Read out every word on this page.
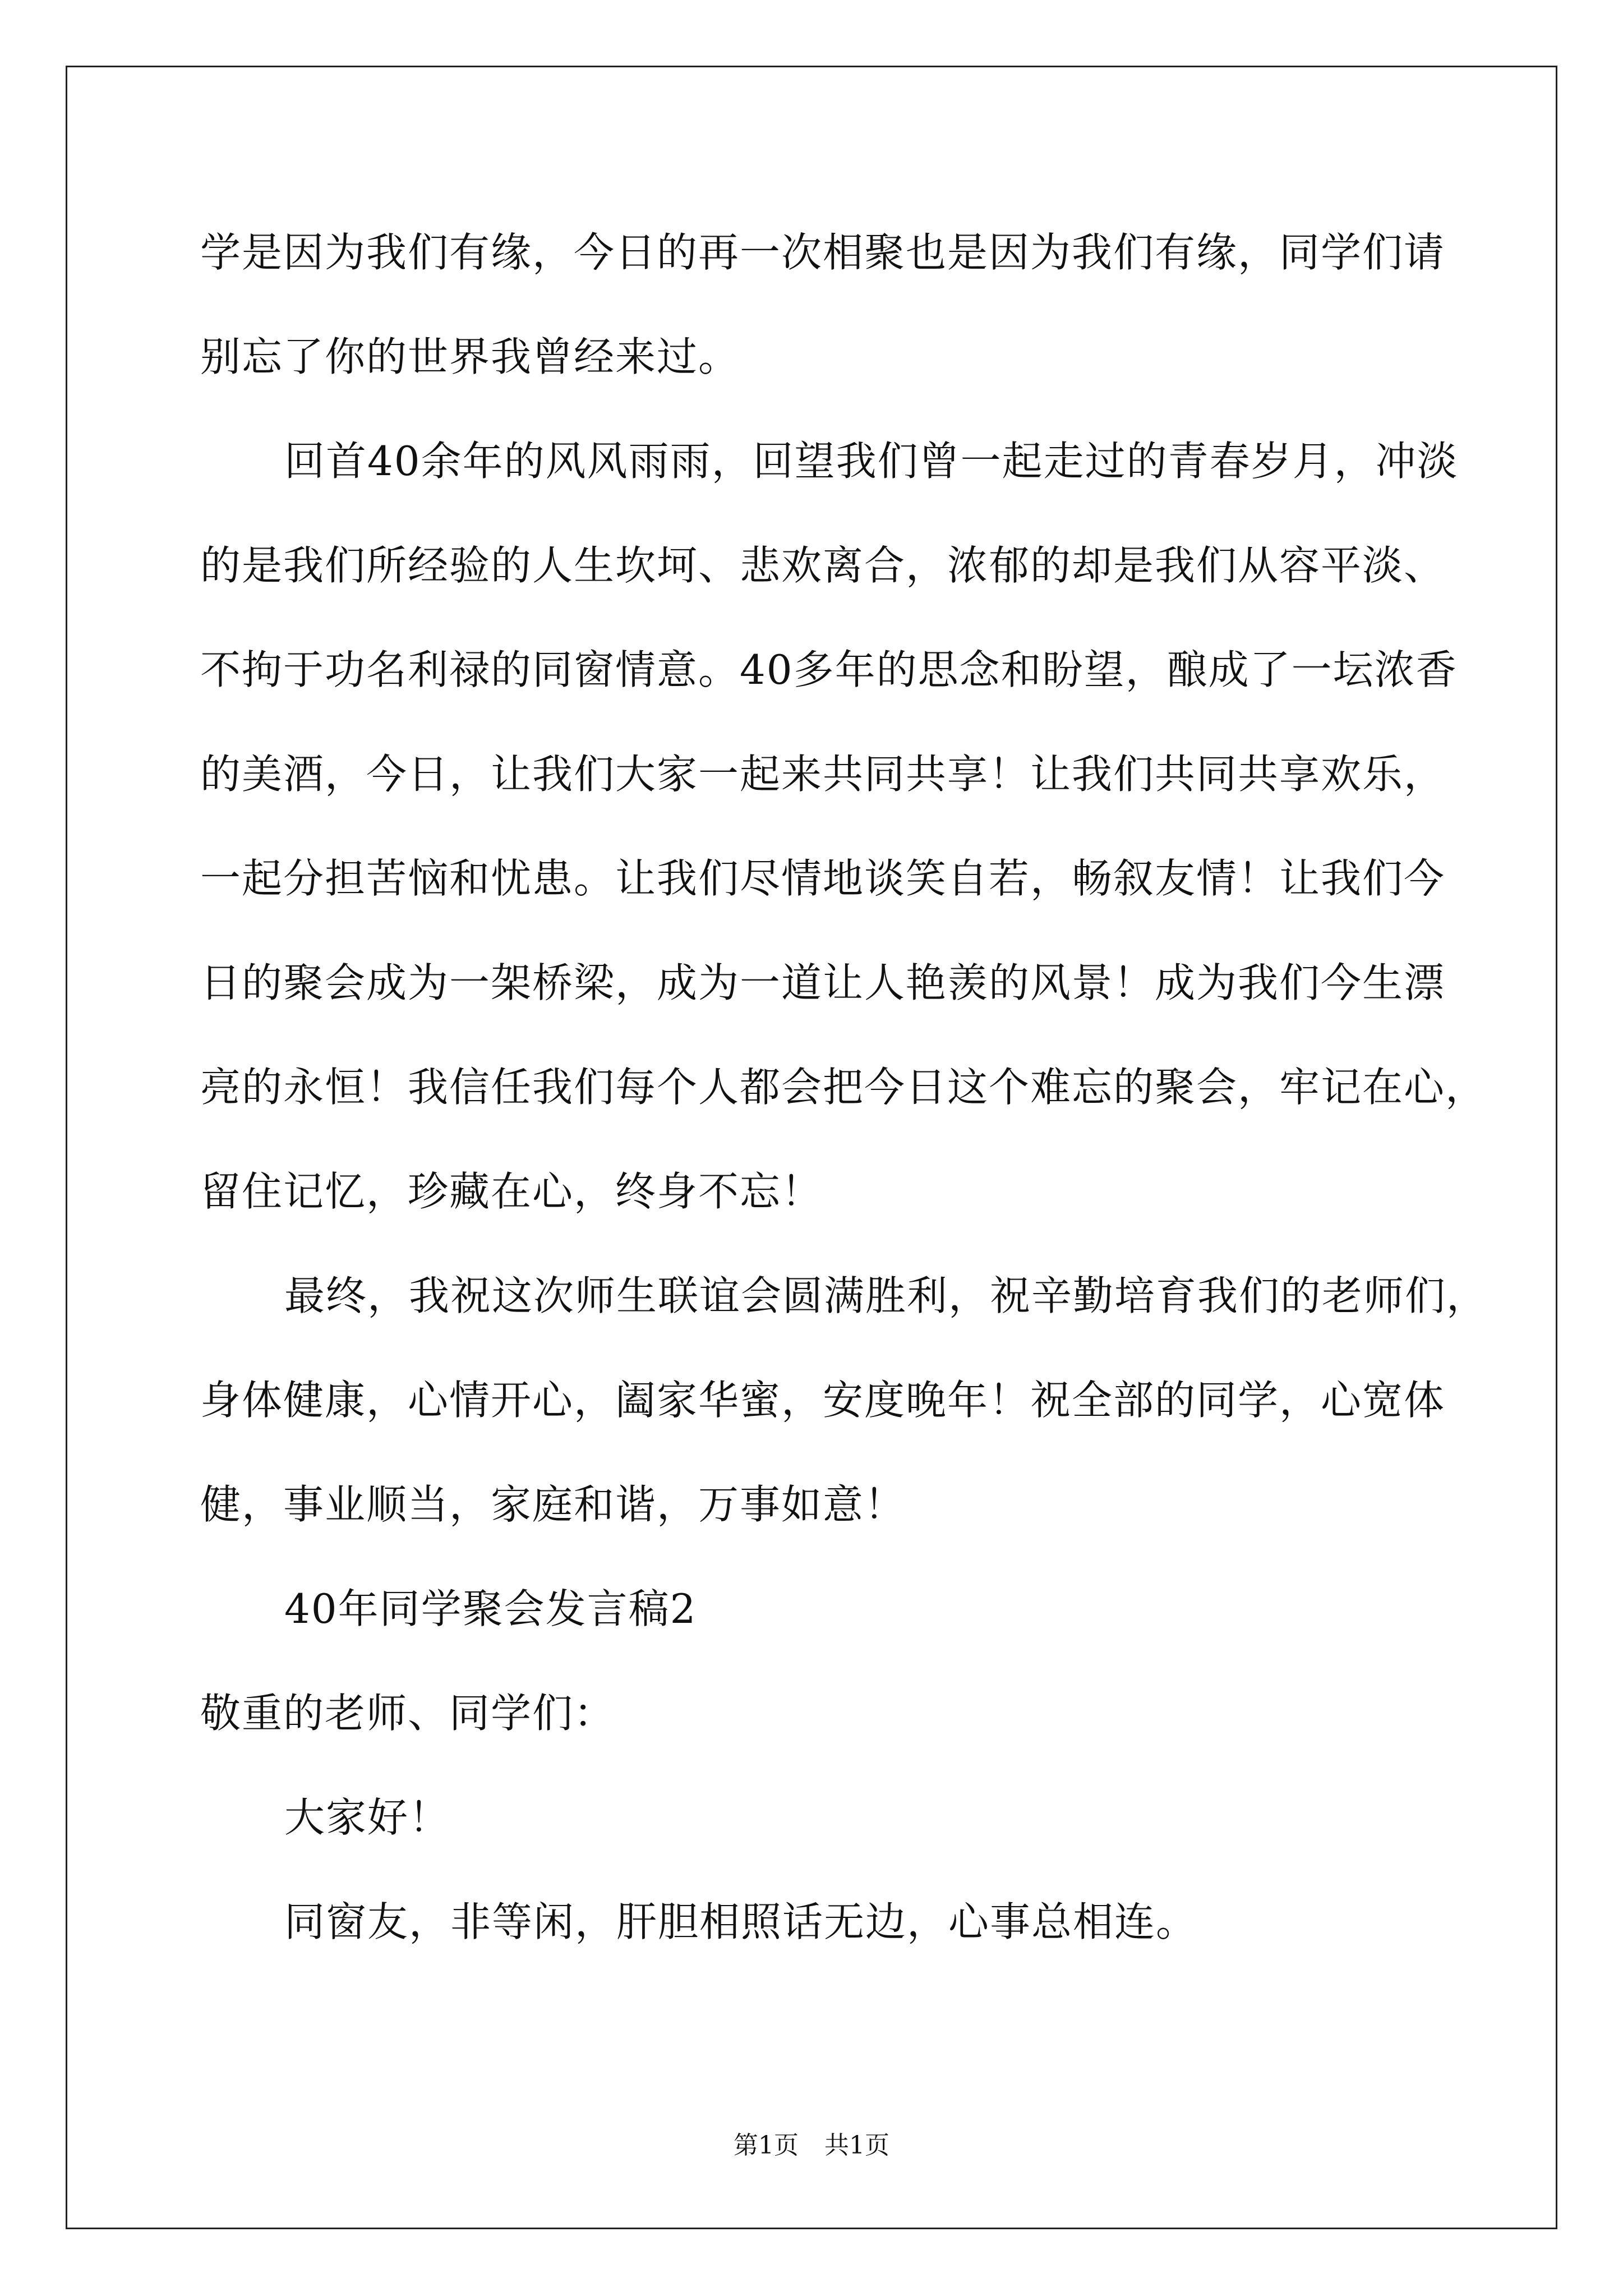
学是因为我们有缘，今日的再一次相聚也是因为我们有缘，同学们请
别忘了你的世界我曾经来过。
回首40余年的风风雨雨，回望我们曾一起走过的青春岁月，冲淡
的是我们所经验的人生坎坷、悲欢离合，浓郁的却是我们从容平淡、
不拘于功名利禄的同窗情意。40多年的思念和盼望，酿成了一坛浓香
的美酒，今日，让我们大家一起来共同共享！让我们共同共享欢乐，
一起分担苦恼和忧患。让我们尽情地谈笑自若，畅叙友情！让我们今
日的聚会成为一架桥梁，成为一道让人艳羡的风景！成为我们今生漂
亮的永恒！我信任我们每个人都会把今日这个难忘的聚会，牢记在心，
留住记忆，珍藏在心，终身不忘！
最终，我祝这次师生联谊会圆满胜利，祝辛勤培育我们的老师们，
身体健康，心情开心，阖家华蜜，安度晚年！祝全部的同学，心宽体
健，事业顺当，家庭和谐，万事如意！
40年同学聚会发言稿2
敬重的老师、同学们：
大家好！
同窗友，非等闲，肝胆相照话无边，心事总相连。
第1页 共1页
